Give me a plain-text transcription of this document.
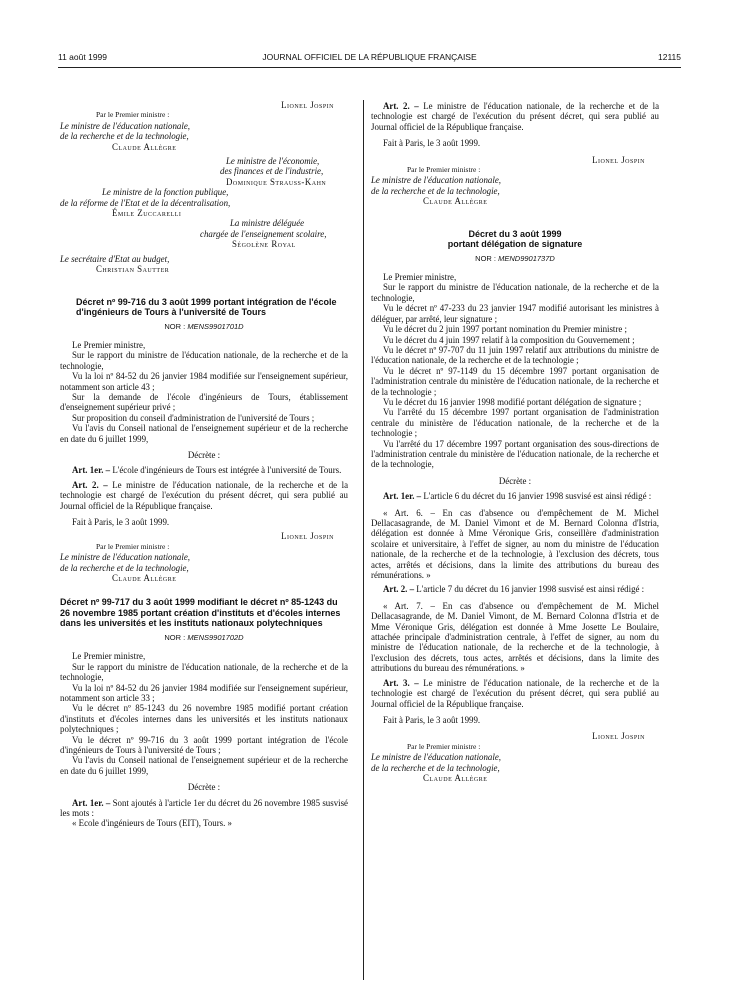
11 août 1999	JOURNAL OFFICIEL DE LA RÉPUBLIQUE FRANÇAISE	12115

Lionel Jospin

Par le Premier ministre :

Le ministre de l'éducation nationale,

de la recherche et de la technologie,

Claude Allègre

Le ministre de l'économie,

des finances et de l'industrie,

Dominique Strauss-Kahn

Le ministre de la fonction publique,

de la réforme de l'Etat et de la décentralisation,

Émile Zuccarelli

La ministre déléguée

chargée de l'enseignement scolaire,

Ségolène Royal

Le secrétaire d'Etat au budget,

Christian Sautter

Décret nº 99-716 du 3 août 1999 portant intégration de l'école d'ingénieurs de Tours à l'université de Tours

NOR : MENS9901701D

Le Premier ministre,

Sur le rapport du ministre de l'éducation nationale, de la recherche et de la technologie,

Vu la loi nº 84-52 du 26 janvier 1984 modifiée sur l'enseignement supérieur, notamment son article 43 ;

Sur la demande de l'école d'ingénieurs de Tours, établissement d'enseignement supérieur privé ;

Sur proposition du conseil d'administration de l'université de Tours ;

Vu l'avis du Conseil national de l'enseignement supérieur et de la recherche en date du 6 juillet 1999,

Décrète :

Art. 1er. – L'école d'ingénieurs de Tours est intégrée à l'université de Tours.

Art. 2. – Le ministre de l'éducation nationale, de la recherche et de la technologie est chargé de l'exécution du présent décret, qui sera publié au Journal officiel de la République française.

Fait à Paris, le 3 août 1999.

Lionel Jospin

Par le Premier ministre :

Le ministre de l'éducation nationale,

de la recherche et de la technologie,

Claude Allègre

Décret nº 99-717 du 3 août 1999 modifiant le décret nº 85-1243 du 26 novembre 1985 portant création d'instituts et d'écoles internes dans les universités et les instituts nationaux polytechniques

NOR : MENS9901702D

Le Premier ministre,

Sur le rapport du ministre de l'éducation nationale, de la recherche et de la technologie,

Vu la loi nº 84-52 du 26 janvier 1984 modifiée sur l'enseignement supérieur, notamment son article 33 ;

Vu le décret nº 85-1243 du 26 novembre 1985 modifié portant création d'instituts et d'écoles internes dans les universités et les instituts nationaux polytechniques ;

Vu le décret nº 99-716 du 3 août 1999 portant intégration de l'école d'ingénieurs de Tours à l'université de Tours ;

Vu l'avis du Conseil national de l'enseignement supérieur et de la recherche en date du 6 juillet 1999,

Décrète :

Art. 1er. – Sont ajoutés à l'article 1er du décret du 26 novembre 1985 susvisé les mots :

« Ecole d'ingénieurs de Tours (EIT), Tours. »

Art. 2. – Le ministre de l'éducation nationale, de la recherche et de la technologie est chargé de l'exécution du présent décret, qui sera publié au Journal officiel de la République française.

Fait à Paris, le 3 août 1999.

Lionel Jospin

Par le Premier ministre :

Le ministre de l'éducation nationale,

de la recherche et de la technologie,

Claude Allègre

Décret du 3 août 1999

portant délégation de signature

NOR : MEND9901737D

Le Premier ministre,

Sur le rapport du ministre de l'éducation nationale, de la recherche et de la technologie,

Vu le décret nº 47-233 du 23 janvier 1947 modifié autorisant les ministres à déléguer, par arrêté, leur signature ;

Vu le décret du 2 juin 1997 portant nomination du Premier ministre ;

Vu le décret du 4 juin 1997 relatif à la composition du Gouvernement ;

Vu le décret nº 97-707 du 11 juin 1997 relatif aux attributions du ministre de l'éducation nationale, de la recherche et de la technologie ;

Vu le décret nº 97-1149 du 15 décembre 1997 portant organisation de l'administration centrale du ministère de l'éducation nationale, de la recherche et de la technologie ;

Vu le décret du 16 janvier 1998 modifié portant délégation de signature ;

Vu l'arrêté du 15 décembre 1997 portant organisation de l'administration centrale du ministère de l'éducation nationale, de la recherche et de la technologie ;

Vu l'arrêté du 17 décembre 1997 portant organisation des sous-directions de l'administration centrale du ministère de l'éducation nationale, de la recherche et de la technologie,

Décrète :

Art. 1er. – L'article 6 du décret du 16 janvier 1998 susvisé est ainsi rédigé :

« Art. 6. – En cas d'absence ou d'empêchement de M. Michel Dellacasagrande, de M. Daniel Vimont et de M. Bernard Colonna d'Istria, délégation est donnée à Mme Véronique Gris, conseillère d'administration scolaire et universitaire, à l'effet de signer, au nom du ministre de l'éducation nationale, de la recherche et de la technologie, à l'exclusion des décrets, tous actes, arrêtés et décisions, dans la limite des attributions du bureau des rémunérations. »

Art. 2. – L'article 7 du décret du 16 janvier 1998 susvisé est ainsi rédigé :

« Art. 7. – En cas d'absence ou d'empêchement de M. Michel Dellacasagrande, de M. Daniel Vimont, de M. Bernard Colonna d'Istria et de Mme Véronique Gris, délégation est donnée à Mme Josette Le Boulaire, attachée principale d'administration centrale, à l'effet de signer, au nom du ministre de l'éducation nationale, de la recherche et de la technologie, à l'exclusion des décrets, tous actes, arrêtés et décisions, dans la limite des attributions du bureau des rémunérations. »

Art. 3. – Le ministre de l'éducation nationale, de la recherche et de la technologie est chargé de l'exécution du présent décret, qui sera publié au Journal officiel de la République française.

Fait à Paris, le 3 août 1999.

Lionel Jospin

Par le Premier ministre :

Le ministre de l'éducation nationale,

de la recherche et de la technologie,

Claude Allègre
